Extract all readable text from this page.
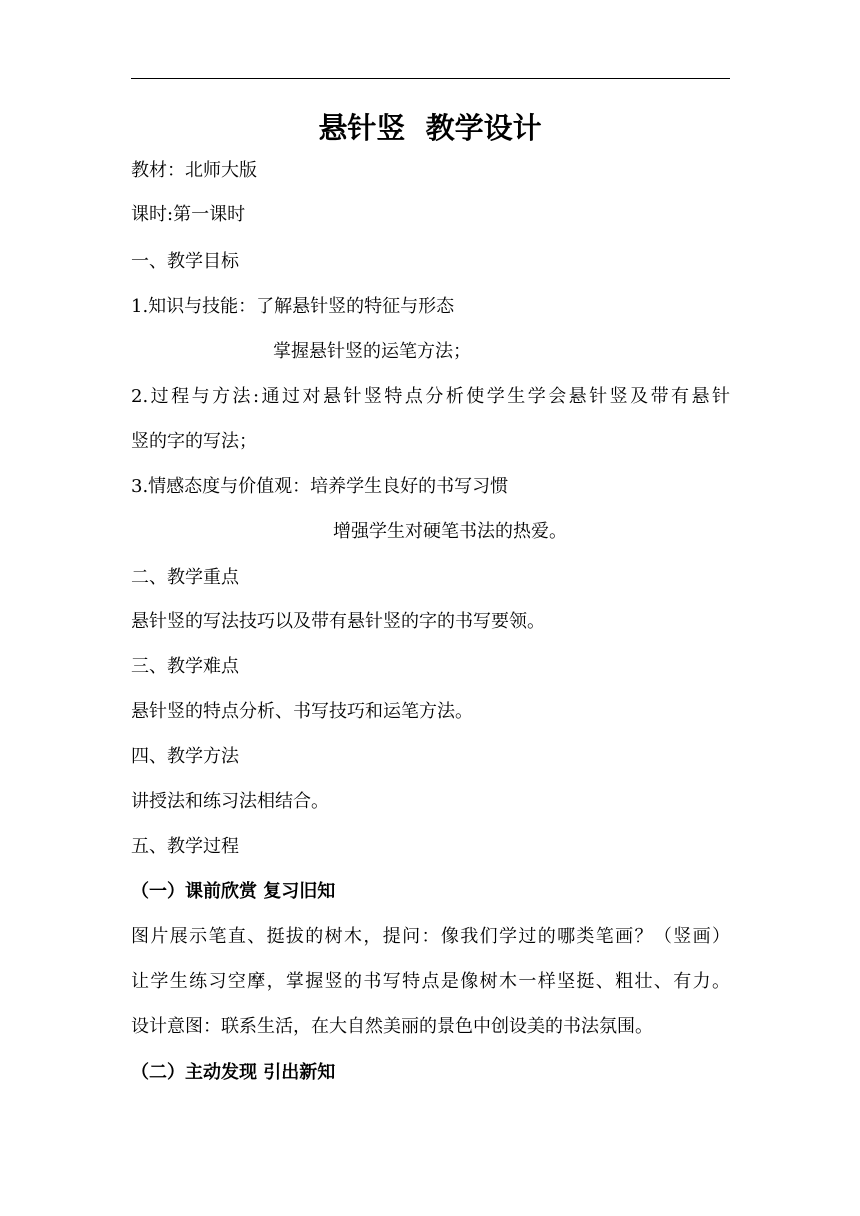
悬针竖  教学设计
教材：北师大版
课时:第一课时
一、教学目标
1.知识与技能：了解悬针竖的特征与形态
掌握悬针竖的运笔方法；
2.过程与方法:通过对悬针竖特点分析使学生学会悬针竖及带有悬针
竖的字的写法；
3.情感态度与价值观：培养学生良好的书写习惯
增强学生对硬笔书法的热爱。
二、教学重点
悬针竖的写法技巧以及带有悬针竖的字的书写要领。
三、教学难点
悬针竖的特点分析、书写技巧和运笔方法。
四、教学方法
讲授法和练习法相结合。
五、教学过程
（一）课前欣赏 复习旧知
图片展示笔直、挺拔的树木，提问：像我们学过的哪类笔画？（竖画）
让学生练习空摩，掌握竖的书写特点是像树木一样坚挺、粗壮、有力。
设计意图：联系生活，在大自然美丽的景色中创设美的书法氛围。
（二）主动发现 引出新知
